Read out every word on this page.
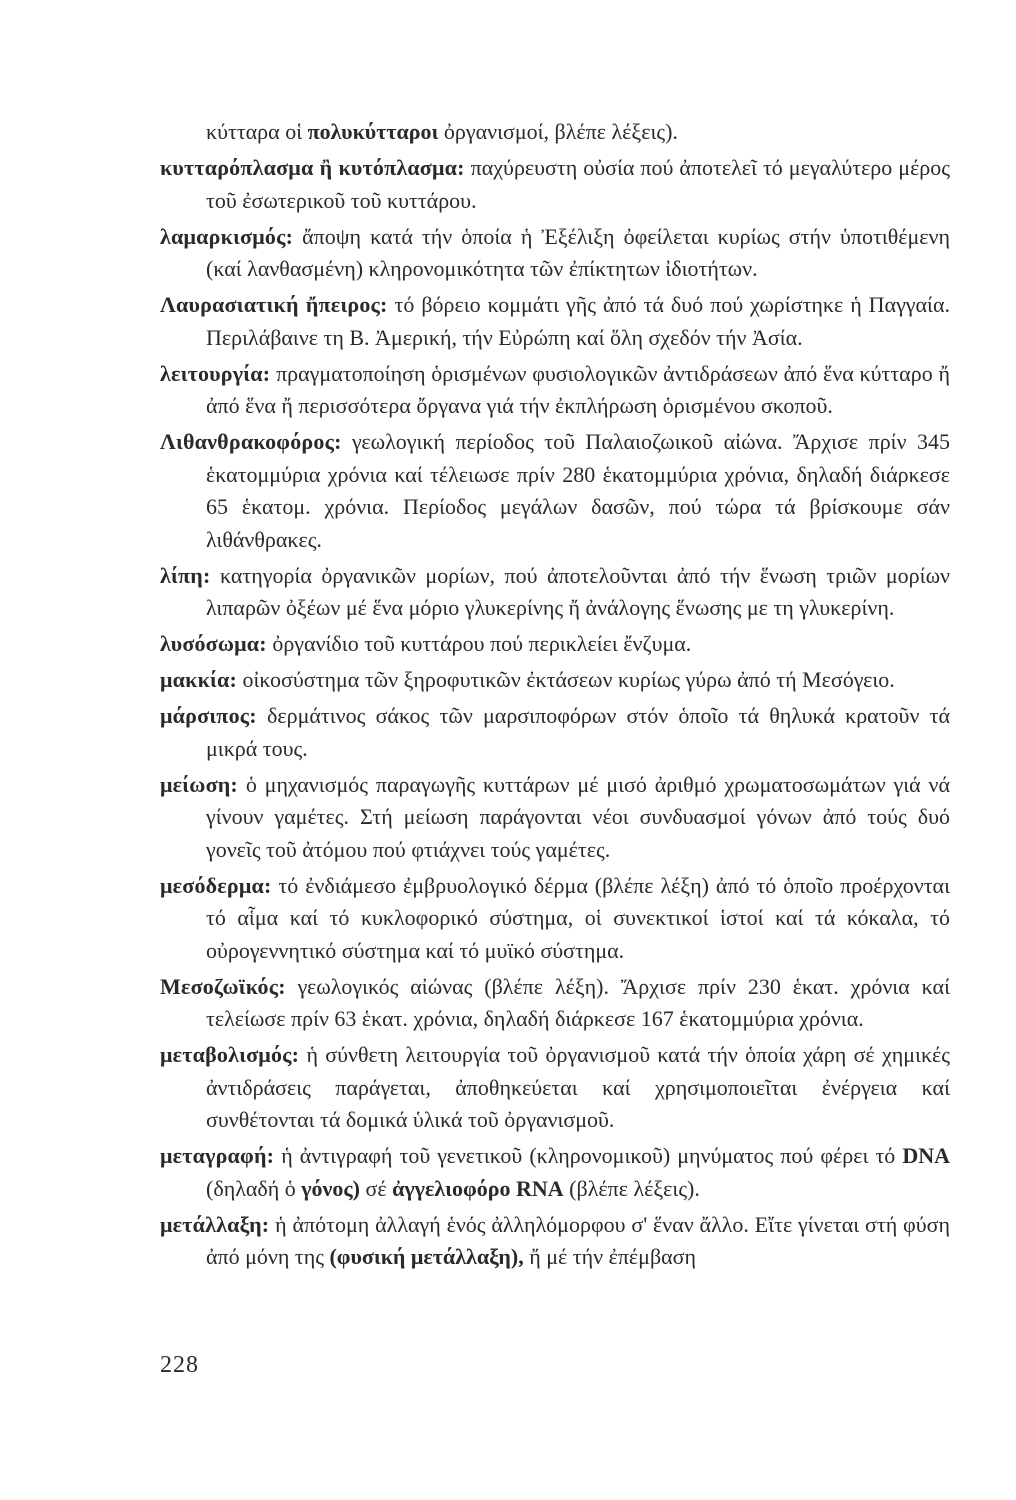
κύτταρα οἱ πολυκύτταροι ὀργανισμοί, βλέπε λέξεις).

κυτταρόπλασμα ἢ κυτόπλασμα: παχύρευστη οὐσία πού ἀποτελεῖ τό μεγαλύτερο μέρος τοῦ ἐσωτερικοῦ τοῦ κυττάρου.

λαμαρκισμός: ἄποψη κατά τήν ὁποία ἡ Ἐξέλιξη ὀφείλεται κυρίως στήν ὑποτιθέμενη (καί λανθασμένη) κληρονομικότητα τῶν ἐπίκτητων ἰδιοτήτων.

Λαυρασιατική ἤπειρος: τό βόρειο κομμάτι γῆς ἀπό τά δυό πού χωρίστηκε ἡ Παγγαία. Περιλάβαινε τη Β. Ἀμερική, τήν Εὐρώπη καί ὅλη σχεδόν τήν Ἀσία.

λειτουργία: πραγματοποίηση ὁρισμένων φυσιολογικῶν ἀντιδράσεων ἀπό ἕνα κύτταρο ἤ ἀπό ἕνα ἤ περισσότερα ὄργανα γιά τήν ἐκπλήρωση ὁρισμένου σκοποῦ.

Λιθανθρακοφόρος: γεωλογική περίοδος τοῦ Παλαιοζωικοῦ αἰώνα. Ἄρχισε πρίν 345 ἑκατομμύρια χρόνια καί τέλειωσε πρίν 280 ἑκατομμύρια χρόνια, δηλαδή διάρκεσε 65 ἑκατομ. χρόνια. Περίοδος μεγάλων δασῶν, πού τώρα τά βρίσκουμε σάν λιθάνθρακες.

λίπη: κατηγορία ὀργανικῶν μορίων, πού ἀποτελοῦνται ἀπό τήν ἕνωση τριῶν μορίων λιπαρῶν ὀξέων μέ ἕνα μόριο γλυκερίνης ἤ ἀνάλογης ἕνωσης με τη γλυκερίνη.

λυσόσωμα: ὀργανίδιο τοῦ κυττάρου πού περικλείει ἔνζυμα.

μακκία: οἰκοσύστημα τῶν ξηροφυτικῶν ἐκτάσεων κυρίως γύρω ἀπό τή Μεσόγειο.

μάρσιπος: δερμάτινος σάκος τῶν μαρσιποφόρων στόν ὁποῖο τά θηλυκά κρατοῦν τά μικρά τους.

μείωση: ὁ μηχανισμός παραγωγῆς κυττάρων μέ μισό ἀριθμό χρωματοσωμάτων γιά νά γίνουν γαμέτες. Στή μείωση παράγονται νέοι συνδυασμοί γόνων ἀπό τούς δυό γονεῖς τοῦ ἀτόμου πού φτιάχνει τούς γαμέτες.

μεσόδερμα: τό ἐνδιάμεσο ἐμβρυολογικό δέρμα (βλέπε λέξη) ἀπό τό ὁποῖο προέρχονται τό αἷμα καί τό κυκλοφορικό σύστημα, οἱ συνεκτικοί ἱστοί καί τά κόκαλα, τό οὐρογεννητικό σύστημα καί τό μυϊκό σύστημα.

Μεσοζωϊκός: γεωλογικός αἰώνας (βλέπε λέξη). Ἄρχισε πρίν 230 ἑκατ. χρόνια καί τελείωσε πρίν 63 ἑκατ. χρόνια, δηλαδή διάρκεσε 167 ἑκατομμύρια χρόνια.

μεταβολισμός: ἡ σύνθετη λειτουργία τοῦ ὀργανισμοῦ κατά τήν ὁποία χάρη σέ χημικές ἀντιδράσεις παράγεται, ἀποθηκεύεται καί χρησιμοποιεῖται ἐνέργεια καί συνθέτονται τά δομικά ὑλικά τοῦ ὀργανισμοῦ.

μεταγραφή: ἡ ἀντιγραφή τοῦ γενετικοῦ (κληρονομικοῦ) μηνύματος πού φέρει τό DNA (δηλαδή ὁ γόνος) σέ ἀγγελιοφόρο RNA (βλέπε λέξεις).

μετάλλαξη: ἡ ἀπότομη ἀλλαγή ἑνός ἀλληλόμορφου σ' ἕναν ἄλλο. Εἴτε γίνεται στή φύση ἀπό μόνη της (φυσική μετάλλαξη), ἤ μέ τήν ἐπέμβαση

228
